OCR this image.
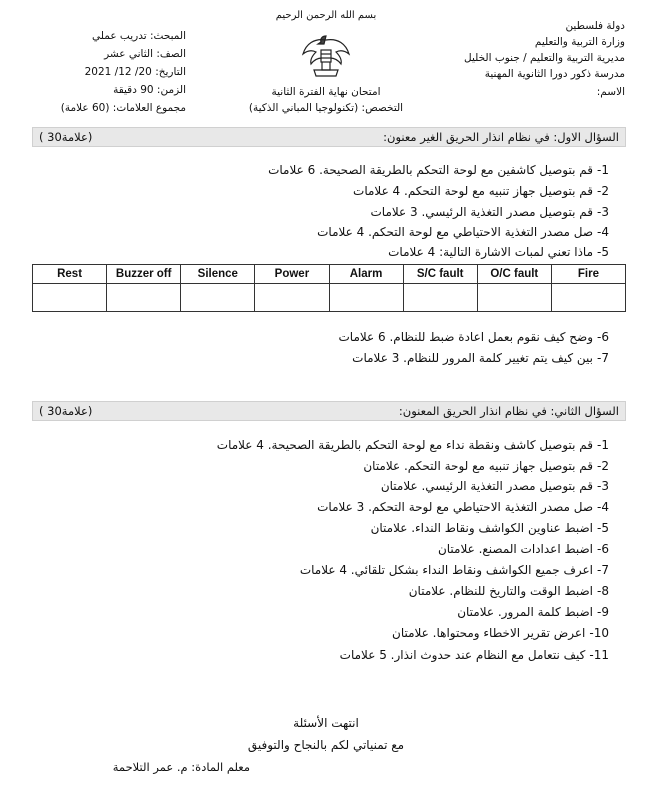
بسم الله الرحمن الرحيم
دولة فلسطين
وزارة التربية والتعليم
مديرية التربية والتعليم / جنوب الخليل
مدرسة ذكور دورا الثانوية المهنية
الاسم:
المبحث: تدريب عملي
الصف: الثاني عشر
التاريخ: 20/ 12/ 2021
الزمن: 90 دقيقة
مجموع العلامات: (60 علامة)
امتحان نهاية الفترة الثانية
التخصص: (تكنولوجيا المباني الذكية)
السؤال الاول: في نظام انذار الحريق الغير معنون:
( 30علامة)
1-قم بتوصيل كاشفين مع لوحة التحكم بالطريقة الصحيحة. 6 علامات
2-قم بتوصيل جهاز تنبيه مع لوحة التحكم. 4 علامات
3-قم بتوصيل مصدر التغذية الرئيسي. 3 علامات
4-صل مصدر التغذية الاحتياطي مع لوحة التحكم. 4 علامات
5-ماذا تعني لمبات الاشارة التالية: 4 علامات
Rest	Buzzer off	Silence	Power	Alarm	S/C fault	O/C fault	Fire

6-وضح كيف نقوم بعمل اعادة ضبط للنظام. 6 علامات
7-بين كيف يتم تغيير كلمة المرور للنظام. 3 علامات
السؤال الثاني: في نظام انذار الحريق المعنون:
( 30علامة)
1-قم بتوصيل كاشف ونقطة نداء مع لوحة التحكم بالطريقة الصحيحة. 4 علامات
2-قم بتوصيل جهاز تنبيه مع لوحة التحكم. علامتان
3-قم بتوصيل مصدر التغذية الرئيسي. علامتان
4-صل مصدر التغذية الاحتياطي مع لوحة التحكم. 3 علامات
5-اضبط عناوين الكواشف ونقاط النداء. علامتان
6-اضبط اعدادات المصنع. علامتان
7-اعرف جميع الكواشف ونقاط النداء بشكل تلقائي. 4 علامات
8-اضبط الوقت والتاريخ للنظام. علامتان
9-اضبط كلمة المرور. علامتان
10-اعرض تقرير الاخطاء ومحتواها. علامتان
11-كيف نتعامل مع النظام عند حدوث انذار. 5 علامات
انتهت الأسئلة
مع تمنياتي لكم بالنجاح والتوفيق
معلم المادة: م. عمر التلاحمة
